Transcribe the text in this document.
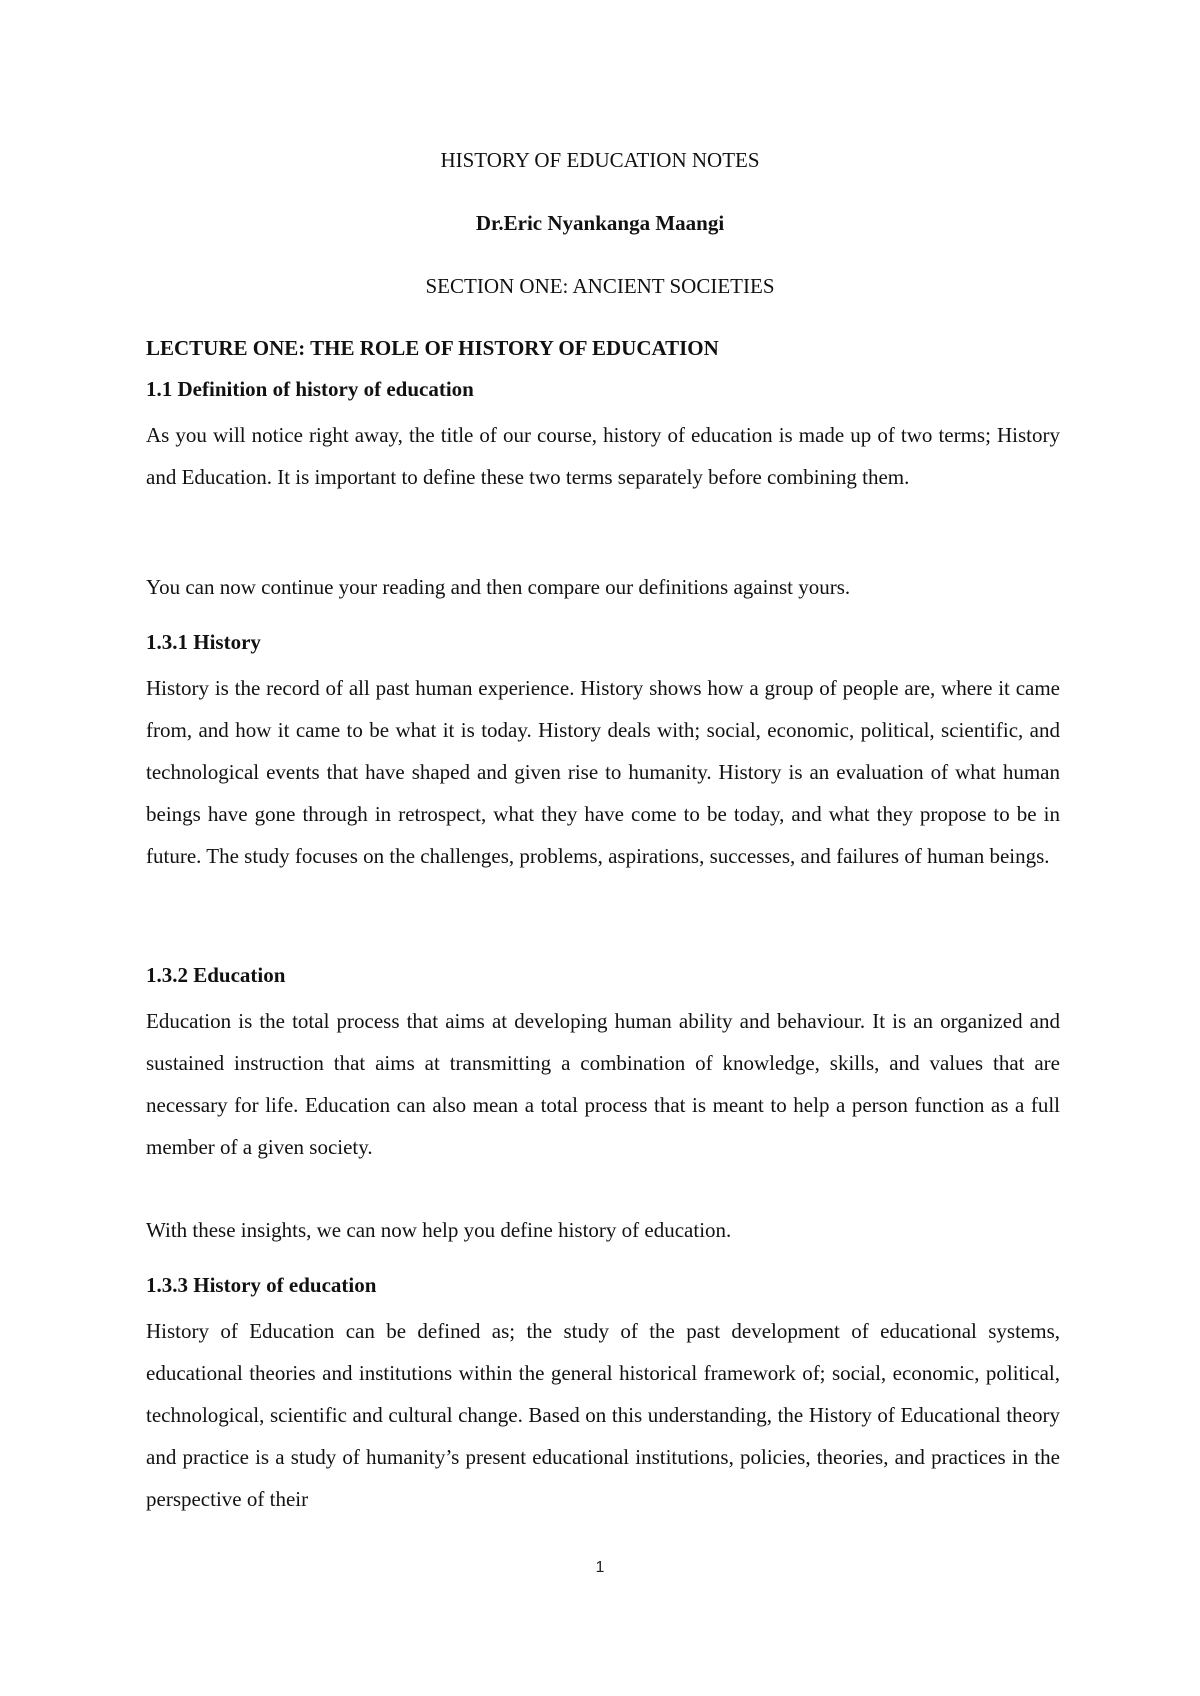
HISTORY OF EDUCATION NOTES

Dr.Eric Nyankanga Maangi

SECTION ONE: ANCIENT SOCIETIES

LECTURE ONE: THE ROLE OF HISTORY OF EDUCATION

1.1 Definition of history of education

As you will notice right away, the title of our course, history of education is made up of two terms; History and Education. It is important to define these two terms separately before combining them.

You can now continue your reading and then compare our definitions against yours.

1.3.1 History

History is the record of all past human experience. History shows how a group of people are, where it came from, and how it came to be what it is today. History deals with; social, economic, political, scientific, and technological events that have shaped and given rise to humanity. History is an evaluation of what human beings have gone through in retrospect, what they have come to be today, and what they propose to be in future. The study focuses on the challenges, problems, aspirations, successes, and failures of human beings.

1.3.2 Education

Education is the total process that aims at developing human ability and behaviour. It is an organized and sustained instruction that aims at transmitting a combination of knowledge, skills, and values that are necessary for life. Education can also mean a total process that is meant to help a person function as a full member of a given society.

With these insights, we can now help you define history of education.

1.3.3 History of education

History of Education can be defined as; the study of the past development of educational systems, educational theories and institutions within the general historical framework of; social, economic, political, technological, scientific and cultural change. Based on this understanding, the History of Educational theory and practice is a study of humanity’s present educational institutions, policies, theories, and practices in the perspective of their

1
